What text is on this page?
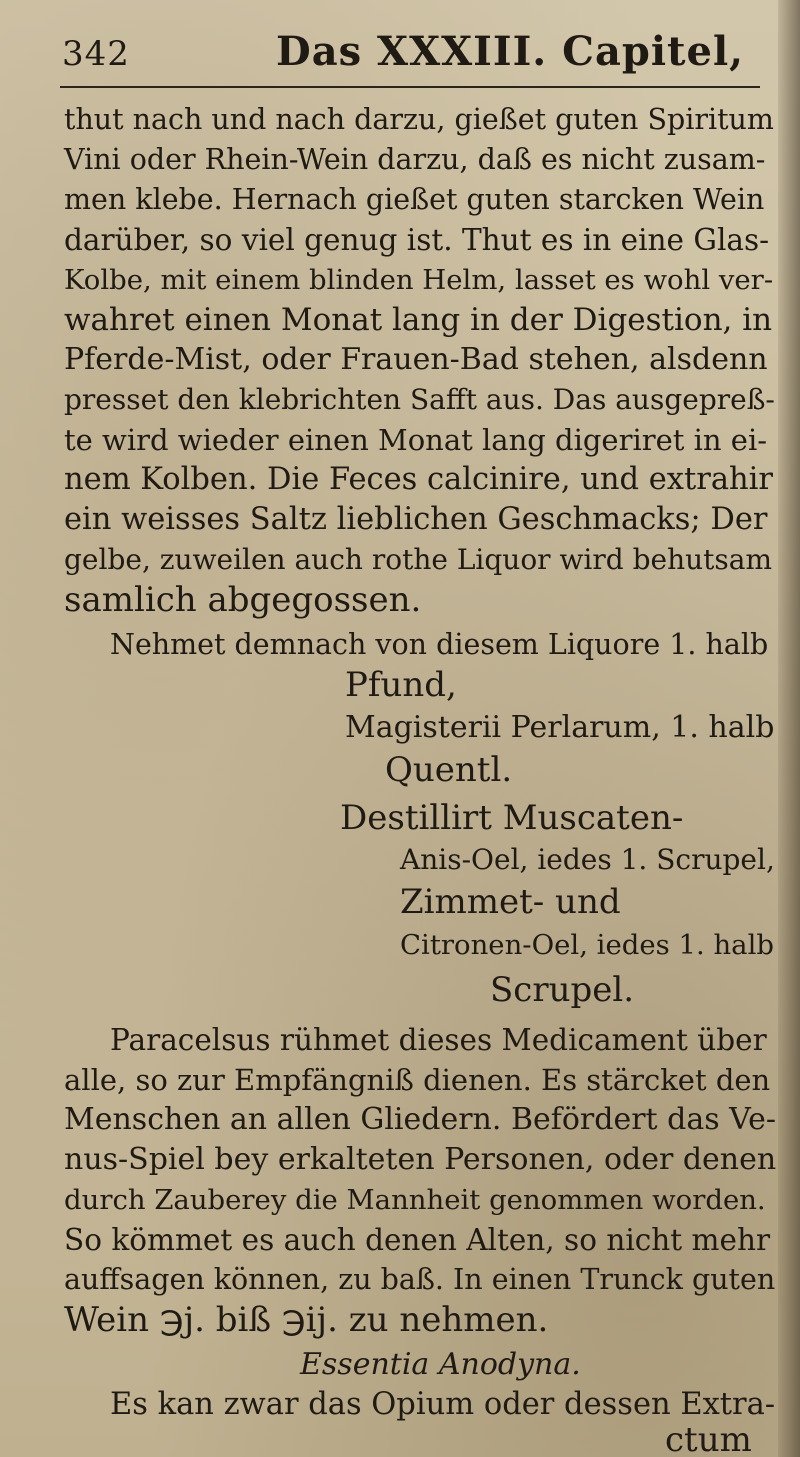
342	Das XXXIII. Capitel,
thut nach und nach darzu, gießet guten Spiritum
Vini oder Rhein-Wein darzu, daß es nicht zusam-
men klebe. Hernach gießet guten starcken Wein
darüber, so viel genug ist. Thut es in eine Glas-
Kolbe, mit einem blinden Helm, lasset es wohl ver-
wahret einen Monat lang in der Digestion, in
Pferde-Mist, oder Frauen-Bad stehen, alsdenn
presset den klebrichten Safft aus. Das ausgepreß-
te wird wieder einen Monat lang digeriret in ei-
nem Kolben. Die Feces calcinire, und extrahir
ein weisses Saltz lieblichen Geschmacks; Der
gelbe, zuweilen auch rothe Liquor wird behutsam
samlich abgegossen.
Nehmet demnach von diesem Liquore 1. halb
Pfund,
Magisterii Perlarum, 1. halb
Quentl.
Destillirt Muscaten-
Anis-Oel, iedes 1. Scrupel,
Zimmet- und
Citronen-Oel, iedes 1. halb
Scrupel.
Paracelsus rühmet dieses Medicament über
alle, so zur Empfängniß dienen. Es stärcket den
Menschen an allen Gliedern. Befördert das Ve-
nus-Spiel bey erkalteten Personen, oder denen
durch Zauberey die Mannheit genommen worden.
So kömmet es auch denen Alten, so nicht mehr
auffsagen können, zu baß. In einen Trunck guten
Wein ℈j. biß ℈ij. zu nehmen.
Essentia Anodyna.
Es kan zwar das Opium oder dessen Extra-
ctum
